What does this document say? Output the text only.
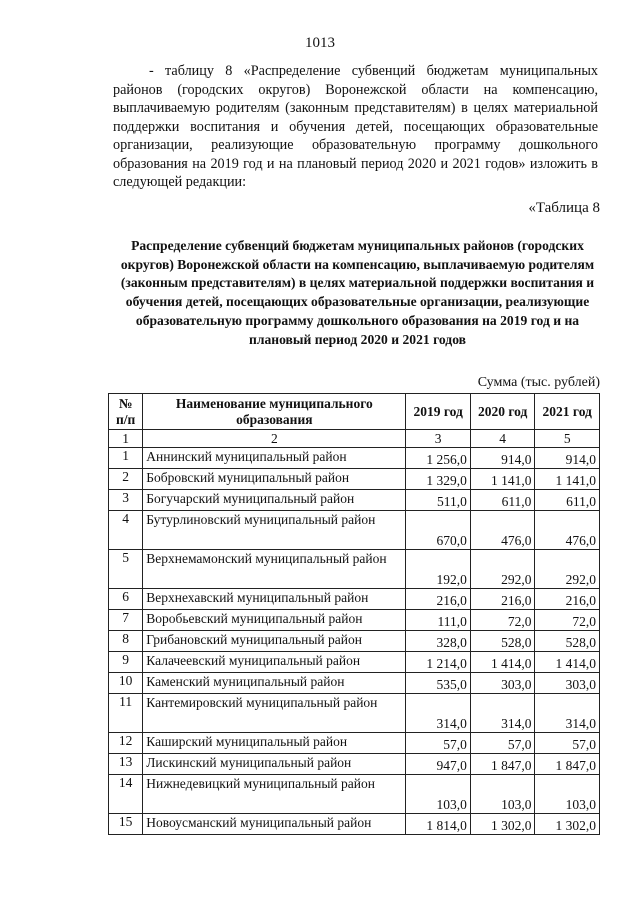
1013

- таблицу 8 «Распределение субвенций бюджетам муниципальных районов (городских округов) Воронежской области на компенсацию, выплачиваемую родителям (законным представителям) в целях материальной поддержки воспитания и обучения детей, посещающих образовательные организации, реализующие образовательную программу дошкольного образования на 2019 год и на плановый период 2020 и 2021 годов» изложить в следующей редакции:

«Таблица 8
Распределение субвенций бюджетам муниципальных районов (городских округов) Воронежской области на компенсацию, выплачиваемую родителям (законным представителям) в целях материальной поддержки воспитания и обучения детей, посещающих образовательные организации, реализующие образовательную программу дошкольного образования на 2019 год и на плановый период 2020 и 2021 годов
Сумма (тыс. рублей)
№ п/п	Наименование муниципального образования	2019 год	2020 год	2021 год
1	2	3	4	5
1	Аннинский муниципальный район	1 256,0	914,0	914,0
2	Бобровский муниципальный район	1 329,0	1 141,0	1 141,0
3	Богучарский муниципальный район	511,0	611,0	611,0
4	Бутурлиновский муниципальный район	670,0	476,0	476,0
5	Верхнемамонский муниципальный район	192,0	292,0	292,0
6	Верхнехавский муниципальный район	216,0	216,0	216,0
7	Воробьевский муниципальный район	111,0	72,0	72,0
8	Грибановский муниципальный район	328,0	528,0	528,0
9	Калачеевский муниципальный район	1 214,0	1 414,0	1 414,0
10	Каменский муниципальный район	535,0	303,0	303,0
11	Кантемировский муниципальный район	314,0	314,0	314,0
12	Каширский муниципальный район	57,0	57,0	57,0
13	Лискинский муниципальный район	947,0	1 847,0	1 847,0
14	Нижнедевицкий муниципальный район	103,0	103,0	103,0
15	Новоусманский муниципальный район	1 814,0	1 302,0	1 302,0
